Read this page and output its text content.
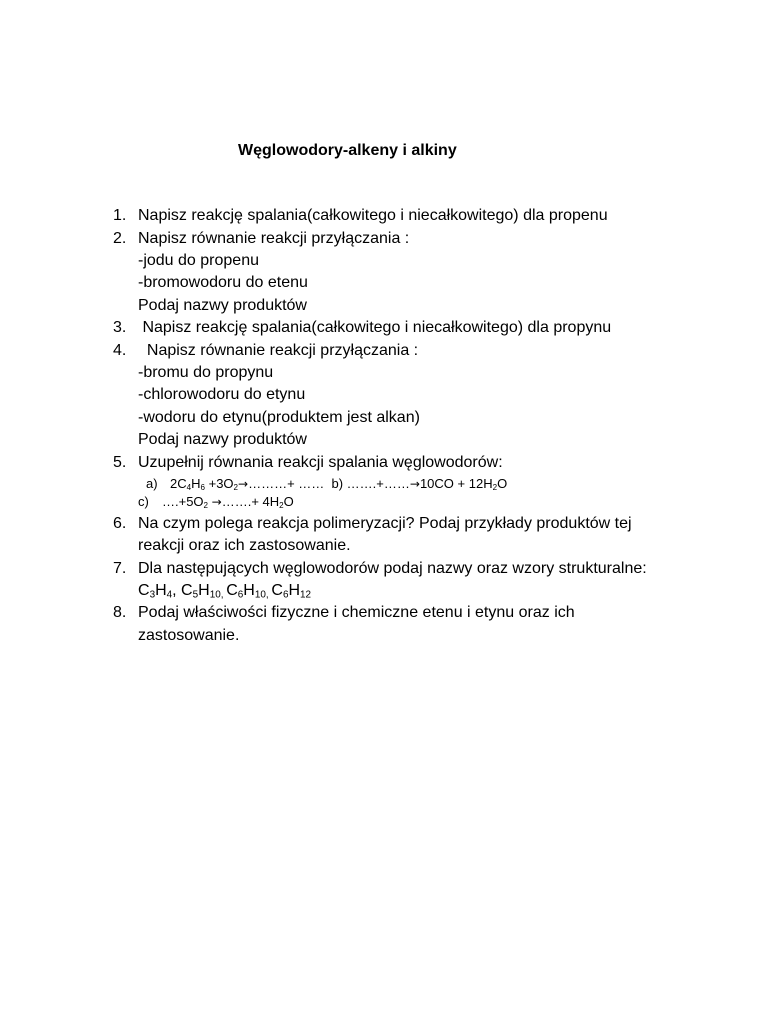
Węglowodory-alkeny i alkiny
1. Napisz reakcję spalania(całkowitego i niecałkowitego) dla propenu
2. Napisz równanie reakcji przyłączania :
-jodu do propenu
-bromowodoru do etenu
Podaj nazwy produktów
3. Napisz reakcję spalania(całkowitego i niecałkowitego) dla propynu
4. Napisz równanie reakcji przyłączania :
-bromu do propynu
-chlorowodoru do etynu
-wodoru do etynu(produktem jest alkan)
Podaj nazwy produktów
5. Uzupełnij równania reakcji spalania węglowodorów:
a) $2C_4H_6$ $+3O_2\to\dots\dots\dots+$ ……  b) …….+……→10CO + $12H_2O$
c) $\dots.+5O_2$ →…….+ $4H_2O$
6. Na czym polega reakcja polimeryzacji? Podaj przykłady produktów tej
reakcji oraz ich zastosowanie.
7. Dla następujących węglowodorów podaj nazwy oraz wzory strukturalne:
$C_3H_4$, $C_5H_{10,}$ $C_6H_{10,}$ $C_6H_{12}$
8. Podaj właściwości fizyczne i chemiczne etenu i etynu oraz ich
zastosowanie.
